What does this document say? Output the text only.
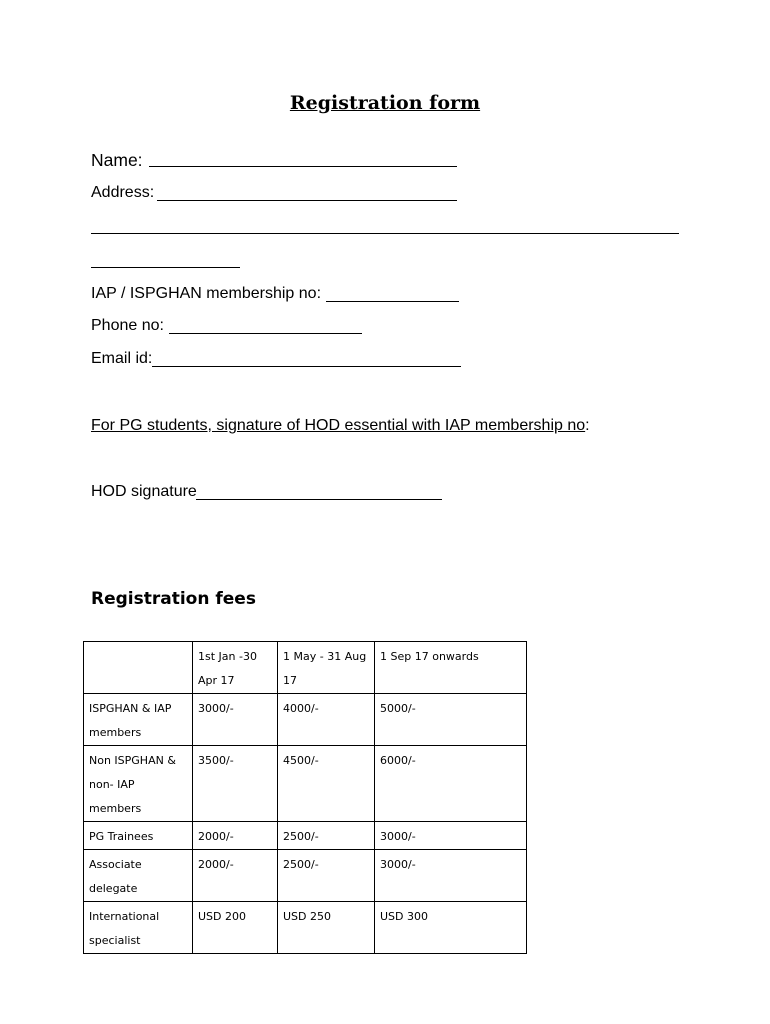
Registration form
Name:
Address:
IAP / ISPGHAN membership no:
Phone no:
Email id:
For PG students, signature of HOD essential with IAP membership no:
HOD signature
Registration fees
	1st Jan -30 Apr 17	1 May - 31 Aug 17	1 Sep 17 onwards
ISPGHAN & IAP members	3000/-	4000/-	5000/-
Non ISPGHAN & non- IAP members	3500/-	4500/-	6000/-
PG Trainees	2000/-	2500/-	3000/-
Associate delegate	2000/-	2500/-	3000/-
International specialist	USD 200	USD 250	USD 300
